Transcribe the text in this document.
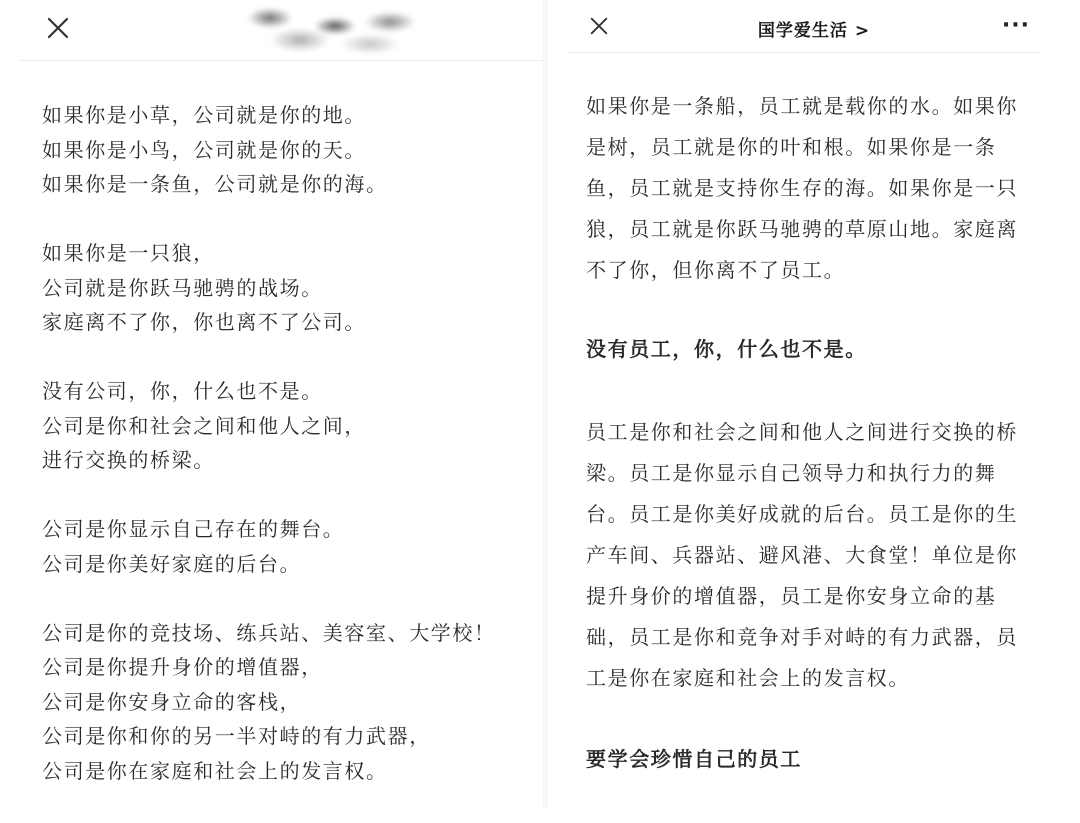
国学爱生活 >	···
如果你是小草，公司就是你的地。
如果你是小鸟，公司就是你的天。
如果你是一条鱼，公司就是你的海。
如果你是一只狼，
公司就是你跃马驰骋的战场。
家庭离不了你，你也离不了公司。
没有公司，你，什么也不是。
公司是你和社会之间和他人之间，
进行交换的桥梁。
公司是你显示自己存在的舞台。
公司是你美好家庭的后台。
公司是你的竞技场、练兵站、美容室、大学校！
公司是你提升身价的增值器，
公司是你安身立命的客栈，
公司是你和你的另一半对峙的有力武器，
公司是你在家庭和社会上的发言权。
如果你是一条船，员工就是载你的水。如果你
是树，员工就是你的叶和根。如果你是一条
鱼，员工就是支持你生存的海。如果你是一只
狼，员工就是你跃马驰骋的草原山地。家庭离
不了你，但你离不了员工。
没有员工，你，什么也不是。
员工是你和社会之间和他人之间进行交换的桥
梁。员工是你显示自己领导力和执行力的舞
台。员工是你美好成就的后台。员工是你的生
产车间、兵器站、避风港、大食堂！单位是你
提升身价的增值器，员工是你安身立命的基
础，员工是你和竞争对手对峙的有力武器，员
工是你在家庭和社会上的发言权。
要学会珍惜自己的员工
